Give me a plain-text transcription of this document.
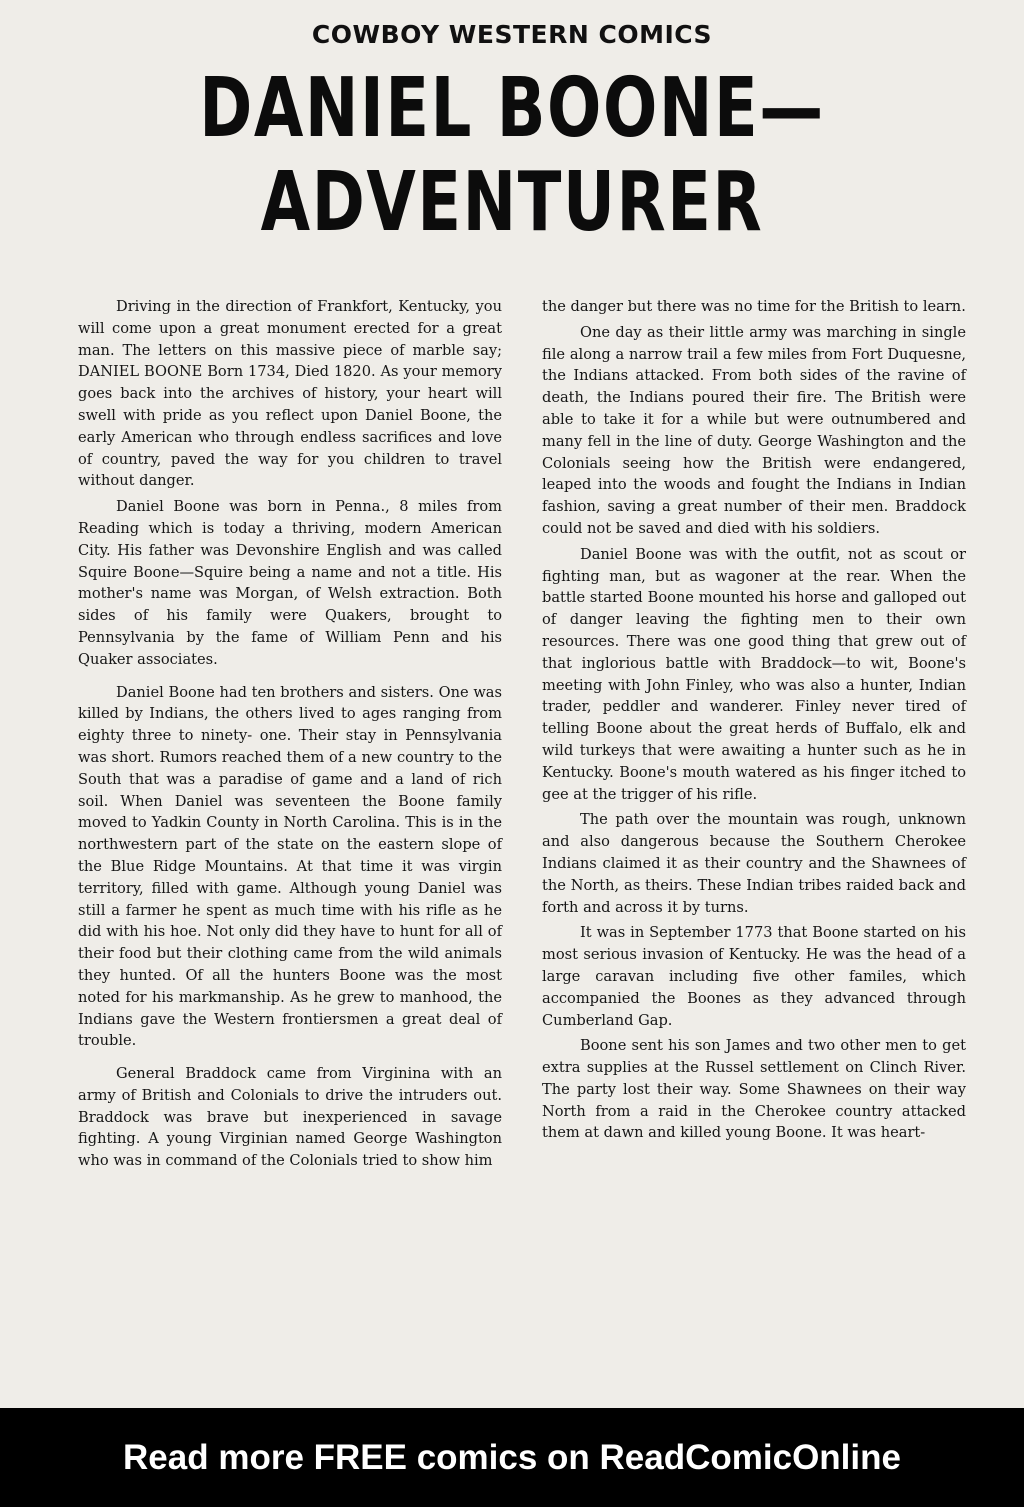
COWBOY WESTERN COMICS
DANIEL BOONE—
ADVENTURER

Driving in the direction of Frankfort, Kentucky, you will come upon a great monument erected for a great man. The letters on this massive piece of marble say; DANIEL BOONE Born 1734, Died 1820. As your memory goes back into the archives of history, your heart will swell with pride as you reflect upon Daniel Boone, the early American who through endless sacrifices and love of country, paved the way for you children to travel without danger.

Daniel Boone was born in Penna., 8 miles from Reading which is today a thriving, modern American City. His father was Devonshire English and was called Squire Boone—Squire being a name and not a title. His mother's name was Morgan, of Welsh extraction. Both sides of his family were Quakers, brought to Pennsylvania by the fame of William Penn and his Quaker associates.

Daniel Boone had ten brothers and sisters. One was killed by Indians, the others lived to ages ranging from eighty three to ninety- one. Their stay in Pennsylvania was short. Rumors reached them of a new country to the South that was a paradise of game and a land of rich soil. When Daniel was seventeen the Boone family moved to Yadkin County in North Carolina. This is in the northwestern part of the state on the eastern slope of the Blue Ridge Mountains. At that time it was virgin territory, filled with game. Although young Daniel was still a farmer he spent as much time with his rifle as he did with his hoe. Not only did they have to hunt for all of their food but their clothing came from the wild animals they hunted. Of all the hunters Boone was the most noted for his markmanship. As he grew to manhood, the Indians gave the Western frontiersmen a great deal of trouble.

General Braddock came from Virginina with an army of British and Colonials to drive the intruders out. Braddock was brave but inexperienced in savage fighting. A young Virginian named George Washington who was in command of the Colonials tried to show him

the danger but there was no time for the British to learn.

One day as their little army was marching in single file along a narrow trail a few miles from Fort Duquesne, the Indians attacked. From both sides of the ravine of death, the Indians poured their fire. The British were able to take it for a while but were outnumbered and many fell in the line of duty. George Washington and the Colonials seeing how the British were endangered, leaped into the woods and fought the Indians in Indian fashion, saving a great number of their men. Braddock could not be saved and died with his soldiers.

Daniel Boone was with the outfit, not as scout or fighting man, but as wagoner at the rear. When the battle started Boone mounted his horse and galloped out of danger leaving the fighting men to their own resources. There was one good thing that grew out of that inglorious battle with Braddock—to wit, Boone's meeting with John Finley, who was also a hunter, Indian trader, peddler and wanderer. Finley never tired of telling Boone about the great herds of Buffalo, elk and wild turkeys that were awaiting a hunter such as he in Kentucky. Boone's mouth watered as his finger itched to gee at the trigger of his rifle.

The path over the mountain was rough, unknown and also dangerous because the Southern Cherokee Indians claimed it as their country and the Shawnees of the North, as theirs. These Indian tribes raided back and forth and across it by turns.

It was in September 1773 that Boone started on his most serious invasion of Kentucky. He was the head of a large caravan including five other familes, which accompanied the Boones as they advanced through Cumberland Gap.

Boone sent his son James and two other men to get extra supplies at the Russel settlement on Clinch River. The party lost their way. Some Shawnees on their way North from a raid in the Cherokee country attacked them at dawn and killed young Boone. It was heart-

Read more FREE comics on ReadComicOnline
